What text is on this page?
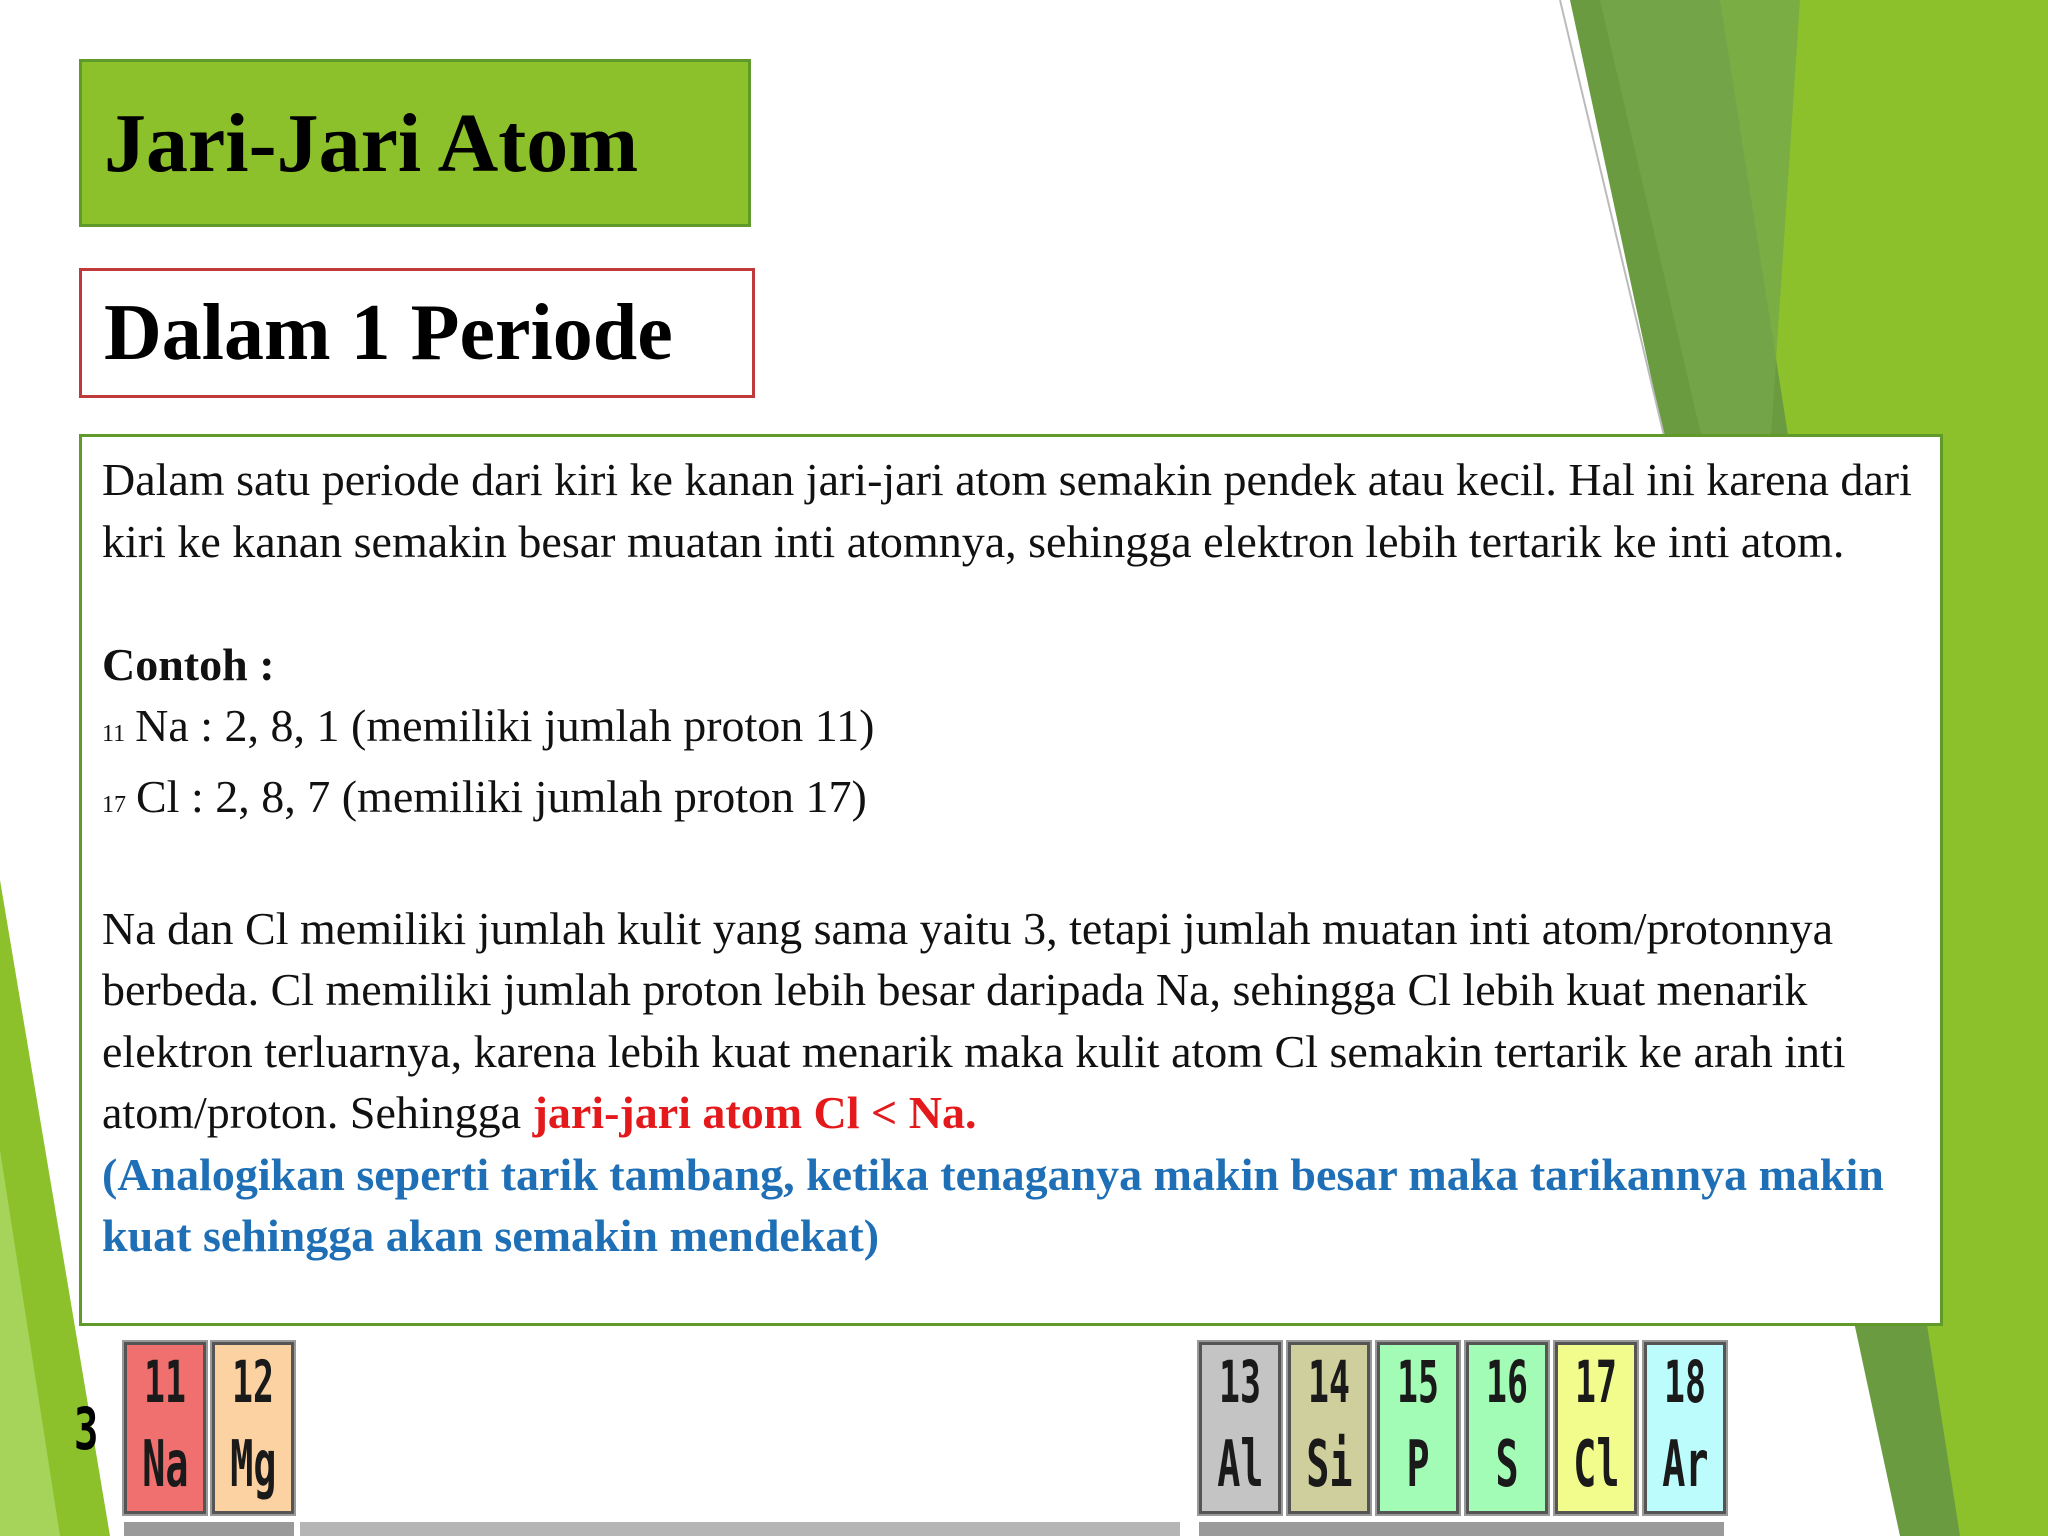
Jari-Jari Atom
Dalam 1 Periode

Dalam satu periode dari kiri ke kanan jari-jari atom semakin pendek atau kecil. Hal ini karena dari kiri ke kanan semakin besar muatan inti atomnya, sehingga elektron lebih tertarik ke inti atom.

Contoh :

11 Na : 2, 8, 1 (memiliki jumlah proton 11)

17 Cl : 2, 8, 7 (memiliki jumlah proton 17)

Na dan Cl memiliki jumlah kulit yang sama yaitu 3, tetapi jumlah muatan inti atom/protonnya berbeda. Cl memiliki jumlah proton lebih besar daripada Na, sehingga Cl lebih kuat menarik elektron terluarnya, karena lebih kuat menarik maka kulit atom Cl semakin tertarik ke arah inti atom/proton. Sehingga jari-jari atom Cl < Na.

(Analogikan seperti tarik tambang, ketika tenaganya makin besar maka tarikannya makin kuat sehingga akan semakin mendekat)

3
11
Na
12
Mg
13
Al
14
Si
15
P
16
S
17
Cl
18
Ar
